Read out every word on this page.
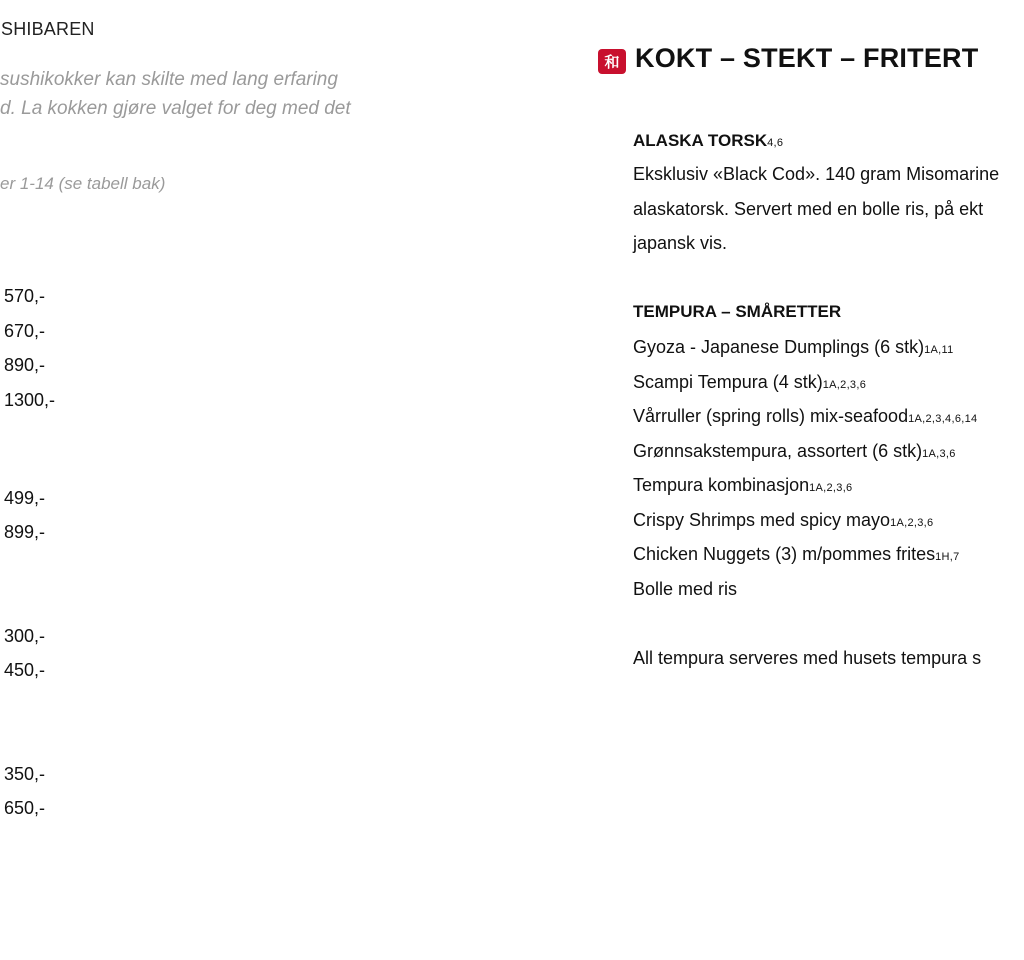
SHIBAREN
sushikokker kan skilte med lang erfaring
d. La kokken gjøre valget for deg med det
er 1-14 (se tabell bak)
570,-
670,-
890,-
1300,-
499,-
899,-
300,-
450,-
350,-
650,-
和 KOKT – STEKT – FRITERT
ALASKA TORSK4,6
Eksklusiv «Black Cod». 140 gram Misomarine
alaskatorsk. Servert med en bolle ris, på ekt
japansk vis.
TEMPURA – SMÅRETTER
Gyoza - Japanese Dumplings (6 stk)1A,11
Scampi Tempura (4 stk)1A,2,3,6
Vårruller (spring rolls) mix-seafood1A,2,3,4,6,14
Grønnsakstempura, assortert (6 stk)1A,3,6
Tempura kombinasjon1A,2,3,6
Crispy Shrimps med spicy mayo1A,2,3,6
Chicken Nuggets (3) m/pommes frites1H,7
Bolle med ris
All tempura serveres med husets tempura s
